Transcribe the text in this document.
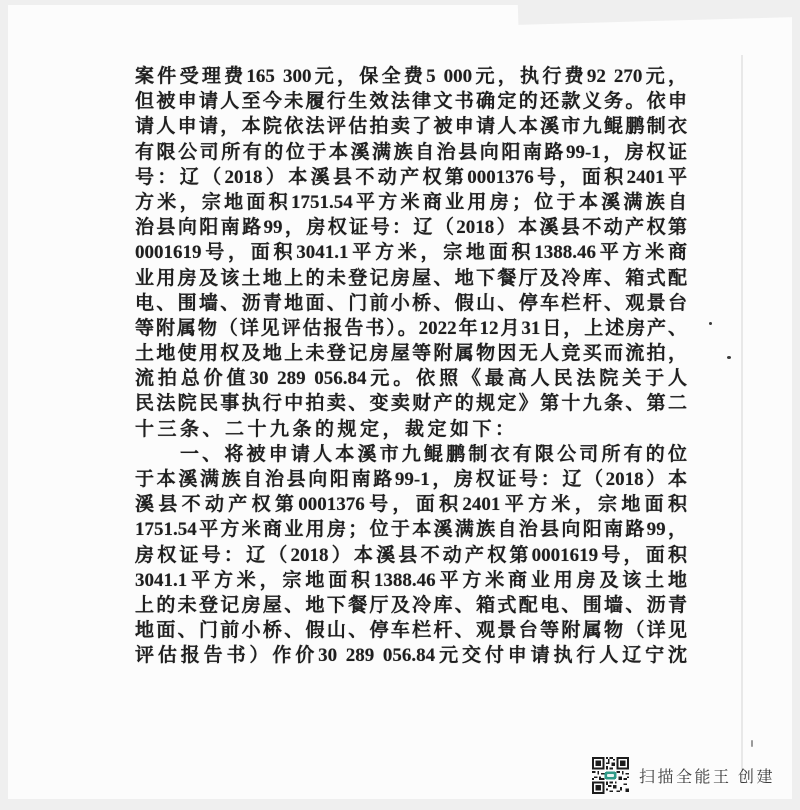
案件受理费165 300元，保全费5 000元，执行费92 270元，
但被申请人至今未履行生效法律文书确定的还款义务。依申
请人申请，本院依法评估拍卖了被申请人本溪市九鲲鹏制衣
有限公司所有的位于本溪满族自治县向阳南路99-1，房权证
号：辽（2018）本溪县不动产权第0001376号，面积2401平
方米，宗地面积1751.54平方米商业用房；位于本溪满族自
治县向阳南路99，房权证号：辽（2018）本溪县不动产权第
0001619号，面积3041.1平方米，宗地面积1388.46平方米商
业用房及该土地上的未登记房屋、地下餐厅及冷库、箱式配
电、围墙、沥青地面、门前小桥、假山、停车栏杆、观景台
等附属物（详见评估报告书）。2022年12月31日，上述房产、
土地使用权及地上未登记房屋等附属物因无人竞买而流拍，
流拍总价值30 289 056.84元。依照《最高人民法院关于人
民法院民事执行中拍卖、变卖财产的规定》第十九条、第二
十三条、二十九条的规定，裁定如下：
一、将被申请人本溪市九鲲鹏制衣有限公司所有的位
于本溪满族自治县向阳南路99-1，房权证号：辽（2018）本
溪县不动产权第0001376号，面积2401平方米，宗地面积
1751.54平方米商业用房；位于本溪满族自治县向阳南路99，
房权证号：辽（2018）本溪县不动产权第0001619号，面积
3041.1平方米，宗地面积1388.46平方米商业用房及该土地
上的未登记房屋、地下餐厅及冷库、箱式配电、围墙、沥青
地面、门前小桥、假山、停车栏杆、观景台等附属物（详见
评估报告书）作价30 289 056.84元交付申请执行人辽宁沈
扫描全能王 创建
